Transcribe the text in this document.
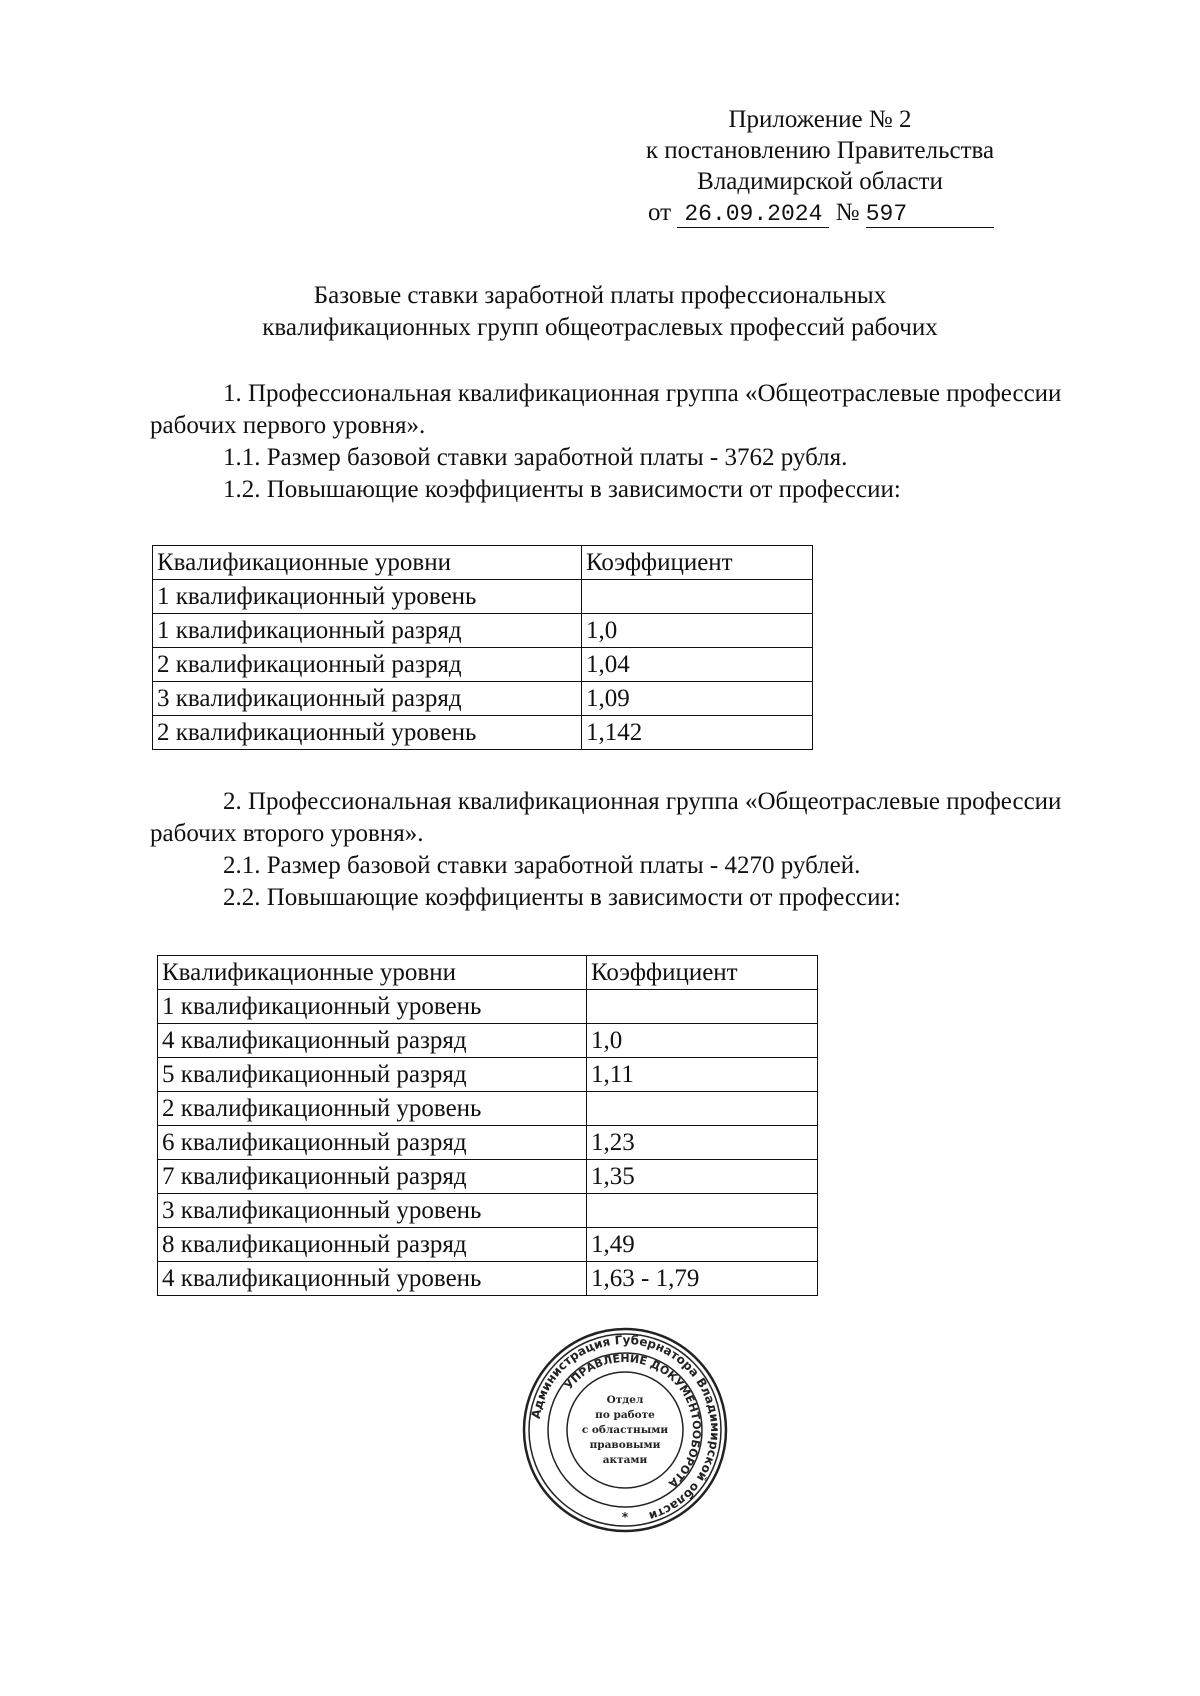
Приложение № 2
к постановлению Правительства
Владимирской области
от 26.09.2024 № 597
Базовые ставки заработной платы профессиональных
квалификационных групп общеотраслевых профессий рабочих
1. Профессиональная квалификационная группа «Общеотраслевые профессии рабочих первого уровня».
1.1. Размер базовой ставки заработной платы - 3762 рубля.
1.2. Повышающие коэффициенты в зависимости от профессии:
Квалификационные уровни	Коэффициент
1 квалификационный уровень	
1 квалификационный разряд	1,0
2 квалификационный разряд	1,04
3 квалификационный разряд	1,09
2 квалификационный уровень	1,142
2. Профессиональная квалификационная группа «Общеотраслевые профессии рабочих второго уровня».
2.1. Размер базовой ставки заработной платы - 4270 рублей.
2.2. Повышающие коэффициенты в зависимости от профессии:
Квалификационные уровни	Коэффициент
1 квалификационный уровень	
4 квалификационный разряд	1,0
5 квалификационный разряд	1,11
2 квалификационный уровень	
6 квалификационный разряд	1,23
7 квалификационный разряд	1,35
3 квалификационный уровень	
8 квалификационный разряд	1,49
4 квалификационный уровень	1,63 - 1,79
Администрация Губернатора Владимирской области
УПРАВЛЕНИЕ ДОКУМЕНТООБОРОТА
*
Отдел
по работе
с областными
правовыми
актами
